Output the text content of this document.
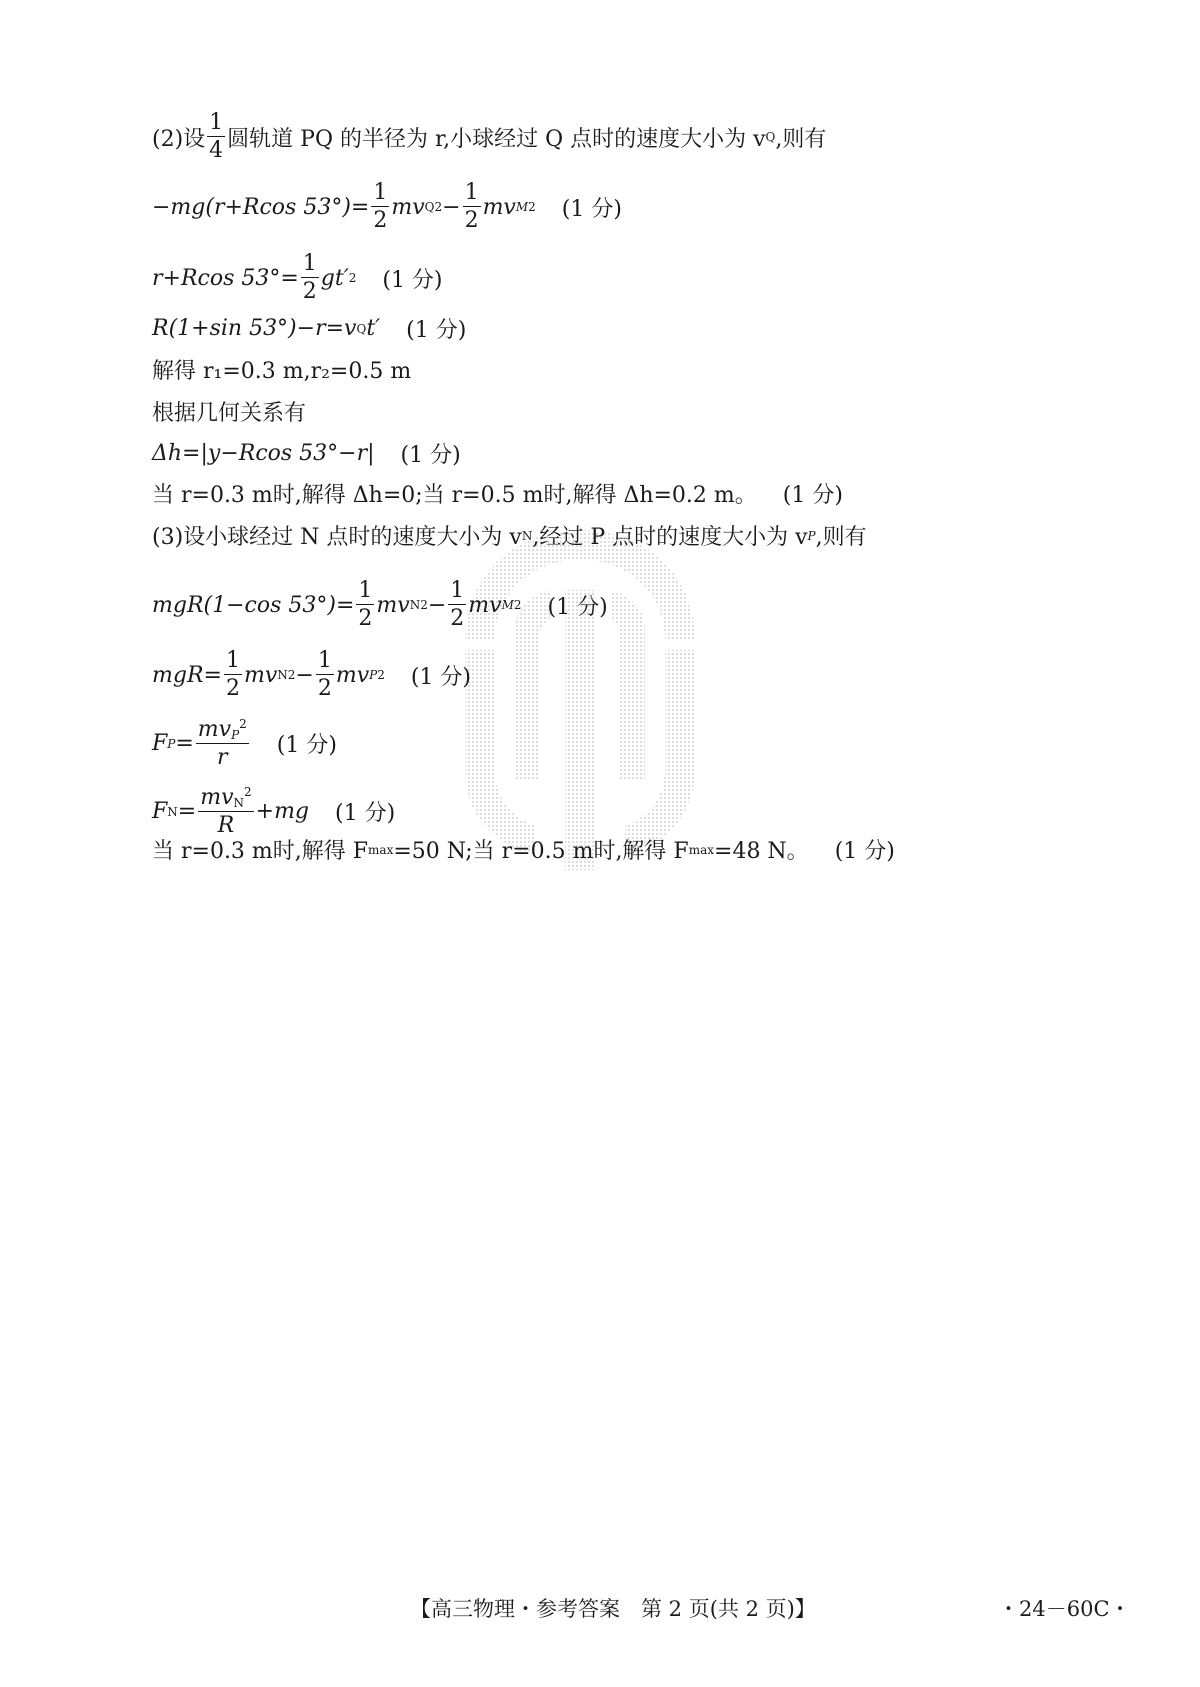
(2)设 $\frac{1}{4}$ 圆轨道 PQ 的半径为 r,小球经过 Q 点时的速度大小为 v Q ,则有
−mg(r+Rcos $53^\circ)= \frac{1}{2}$ mv Q $2 - \frac{1}{2}$ mv M 2 (1 分)
r+Rcos $53^\circ= \frac{1}{2} gt'$ 2 (1 分)
R(1+sin 53°)−r=v Q t′ (1 分)
解得 r₁=0.3 m,r₂=0.5 m
根据几何关系有
Δh=|y−Rcos 53°−r| (1 分)
当 r=0.3 m时,解得 Δh=0;当 r=0.5 m时,解得 Δh=0.2 m。 (1 分)
(3)设小球经过 N 点时的速度大小为 v N ,经过 P 点时的速度大小为 v P ,则有
mgR(1−cos $53^\circ)= \frac{1}{2}$ mv N $2 - \frac{1}{2}$ mv M 2 (1 分)
$mgR= \frac{1}{2}$ mv N $2 - \frac{1}{2}$ mv P 2 (1 分)
F $P = \frac{mv_P^2}{r} (1$ 分)
F $N = \frac{mv_N^2}{R} +mg$ (1 分)
当 r=0.3 m时,解得 F max =50 N;当 r=0.5 m时,解得 F max =48 N。 (1 分)
【高三物理・参考答案　第 2 页(共 2 页)】	・24－60C・
